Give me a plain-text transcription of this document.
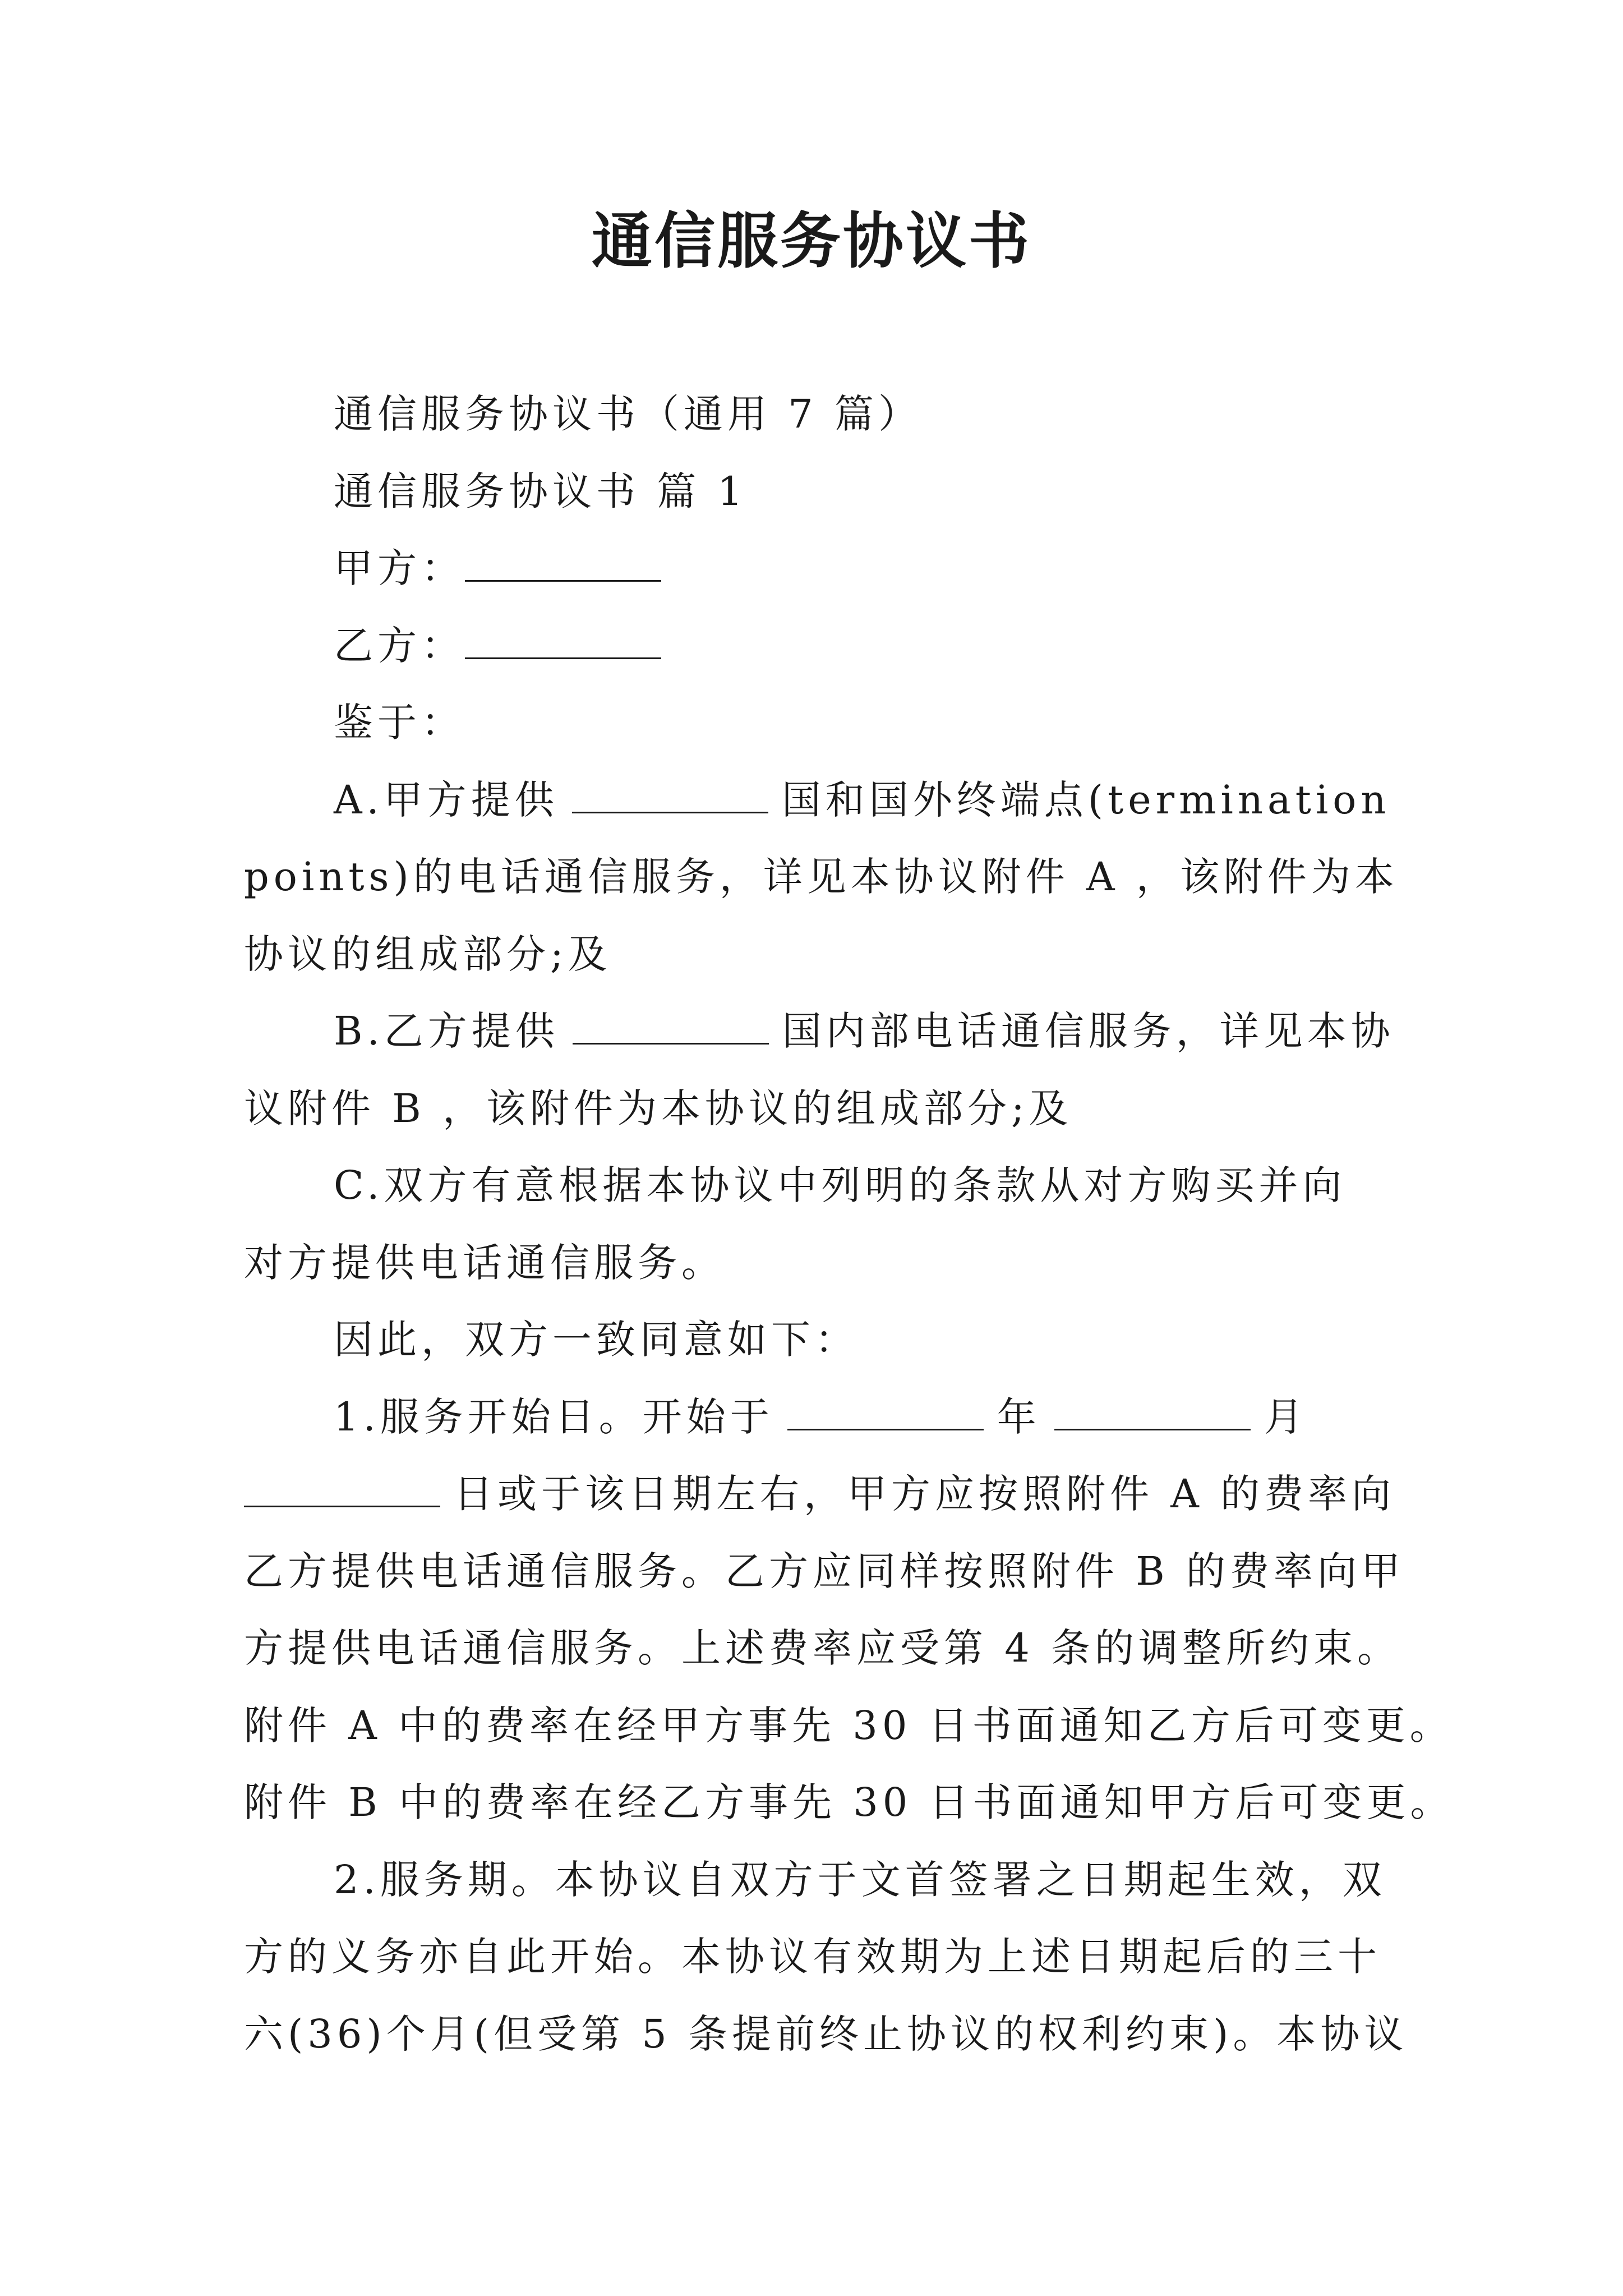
通信服务协议书
通信服务协议书（通用 7 篇）
通信服务协议书 篇 1
甲方：
乙方：
鉴于：
A.甲方提供	国和国外终端点(termination
points)的电话通信服务，详见本协议附件 A ，该附件为本
协议的组成部分;及
B.乙方提供	国内部电话通信服务，详见本协
议附件 B ，该附件为本协议的组成部分;及
C.双方有意根据本协议中列明的条款从对方购买并向
对方提供电话通信服务。
因此，双方一致同意如下：
1.服务开始日。开始于	年	月
日或于该日期左右，甲方应按照附件 A 的费率向
乙方提供电话通信服务。乙方应同样按照附件 B 的费率向甲
方提供电话通信服务。上述费率应受第 4 条的调整所约束。
附件 A 中的费率在经甲方事先 30 日书面通知乙方后可变更。
附件 B 中的费率在经乙方事先 30 日书面通知甲方后可变更。
2.服务期。本协议自双方于文首签署之日期起生效，双
方的义务亦自此开始。本协议有效期为上述日期起后的三十
六(36)个月(但受第 5 条提前终止协议的权利约束)。本协议
